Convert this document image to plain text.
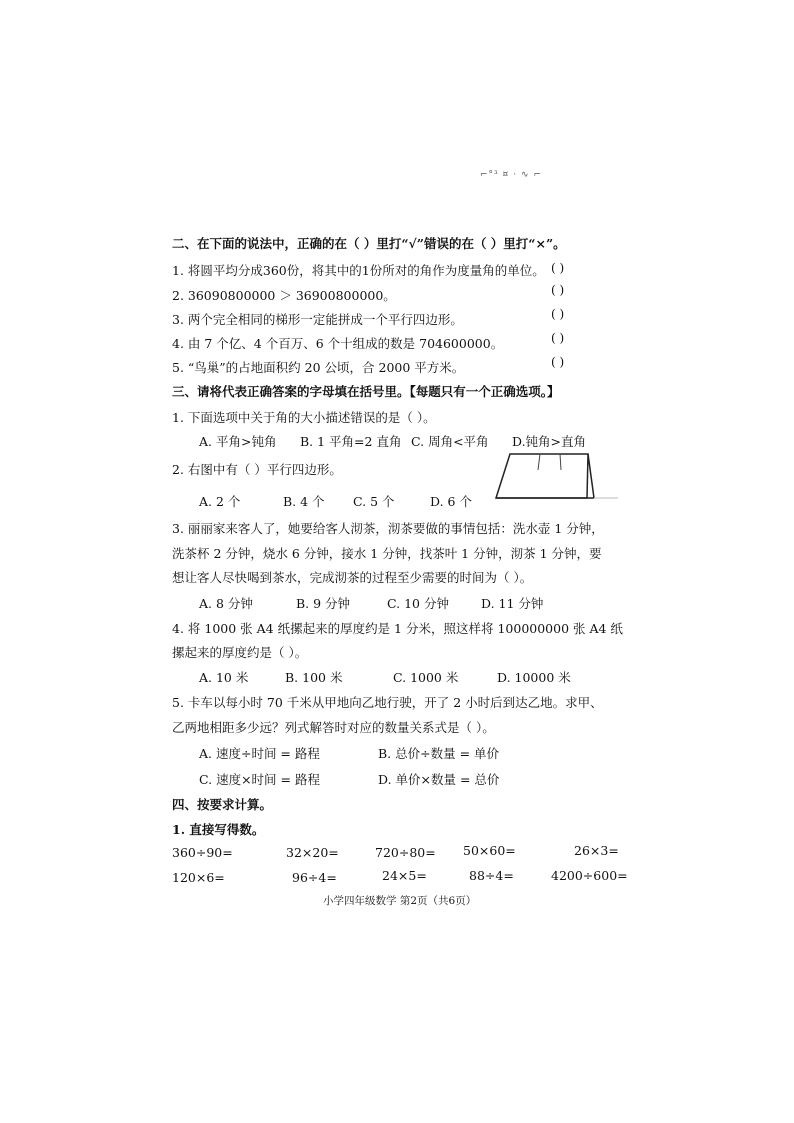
⌐°³ ¤ ⋅ ∿ ⌐
二、在下面的说法中，正确的在（ ）里打“√”错误的在（ ）里打“×”。
1. 将圆平均分成360份，将其中的1份所对的角作为度量角的单位。 ( )
2. 36090800000 ＞ 36900800000。	( )
3. 两个完全相同的梯形一定能拼成一个平行四边形。	( )
4. 由 7 个亿、4 个百万、6 个十组成的数是 704600000。	( )
5. “鸟巢”的占地面积约 20 公顷，合 2000 平方米。	( )
三、请将代表正确答案的字母填在括号里。【每题只有一个正确选项。】
1. 下面选项中关于角的大小描述错误的是（ ）。
A. 平角>钝角 B. 1 平角=2 直角 C. 周角<平角 D.钝角>直角
2. 右图中有（ ）平行四边形。
A. 2 个	B. 4 个 C. 5 个	D. 6 个
3. 丽丽家来客人了，她要给客人沏茶，沏茶要做的事情包括：洗水壶 1 分钟，
洗茶杯 2 分钟，烧水 6 分钟，接水 1 分钟，找茶叶 1 分钟，沏茶 1 分钟，要
想让客人尽快喝到茶水，完成沏茶的过程至少需要的时间为（ ）。
A. 8 分钟	B. 9 分钟	C. 10 分钟	D. 11 分钟
4. 将 1000 张 A4 纸摞起来的厚度约是 1 分米，照这样将 100000000 张 A4 纸
摞起来的厚度约是（ ）。
A. 10 米	B. 100 米	C. 1000 米	D. 10000 米
5. 卡车以每小时 70 千米从甲地向乙地行驶，开了 2 小时后到达乙地。求甲、
乙两地相距多少远？列式解答时对应的数量关系式是（ ）。
A. 速度÷时间 = 路程	B. 总价÷数量 = 单价
C. 速度×时间 = 路程	D. 单价×数量 = 总价
四、按要求计算。
1. 直接写得数。
360÷90=	32×20=	720÷80= 50×60=	26×3=
120×6=	96÷4=	24×5=	88÷4=	4200÷600=
小学四年级数学 第2页（共6页）
